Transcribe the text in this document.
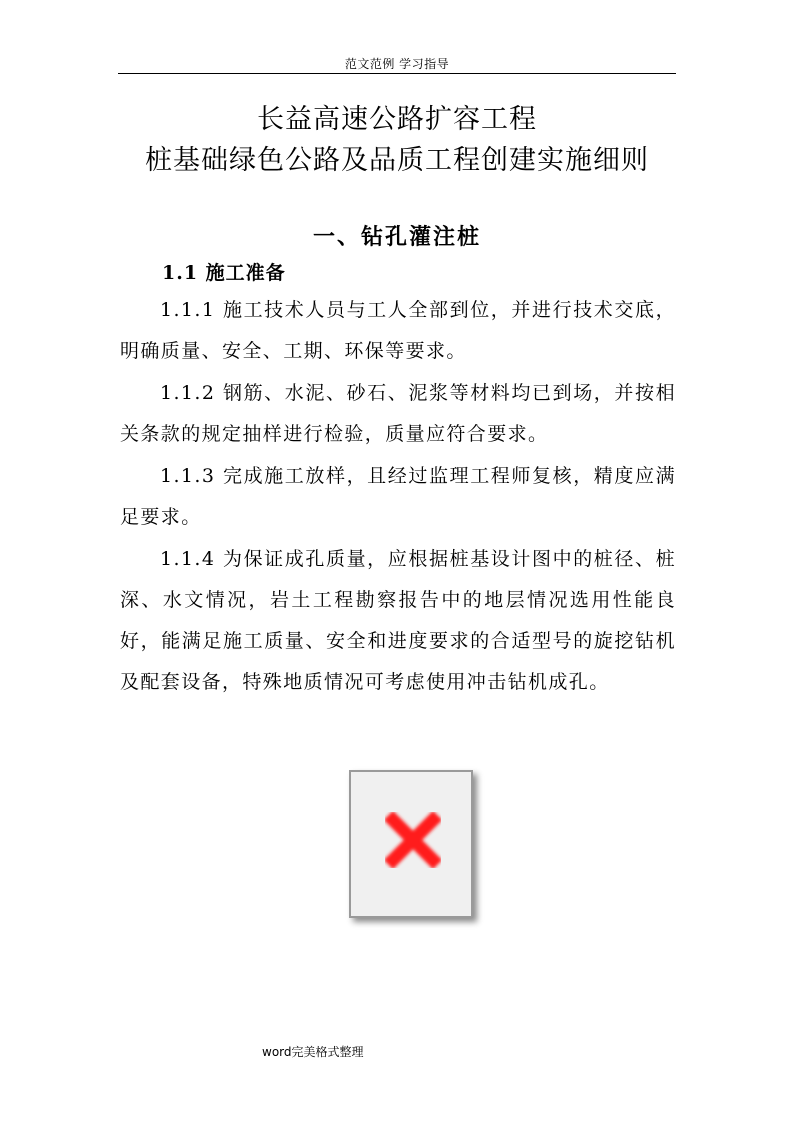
范文范例 学习指导
长益高速公路扩容工程
桩基础绿色公路及品质工程创建实施细则
一、钻孔灌注桩
1.1 施工准备

1.1.1 施工技术人员与工人全部到位，并进行技术交底，明确质量、安全、工期、环保等要求。

1.1.2 钢筋、水泥、砂石、泥浆等材料均已到场，并按相关条款的规定抽样进行检验，质量应符合要求。

1.1.3 完成施工放样，且经过监理工程师复核，精度应满足要求。

1.1.4 为保证成孔质量，应根据桩基设计图中的桩径、桩深、水文情况，岩土工程勘察报告中的地层情况选用性能良好，能满足施工质量、安全和进度要求的合适型号的旋挖钻机及配套设备，特殊地质情况可考虑使用冲击钻机成孔。

word完美格式整理
